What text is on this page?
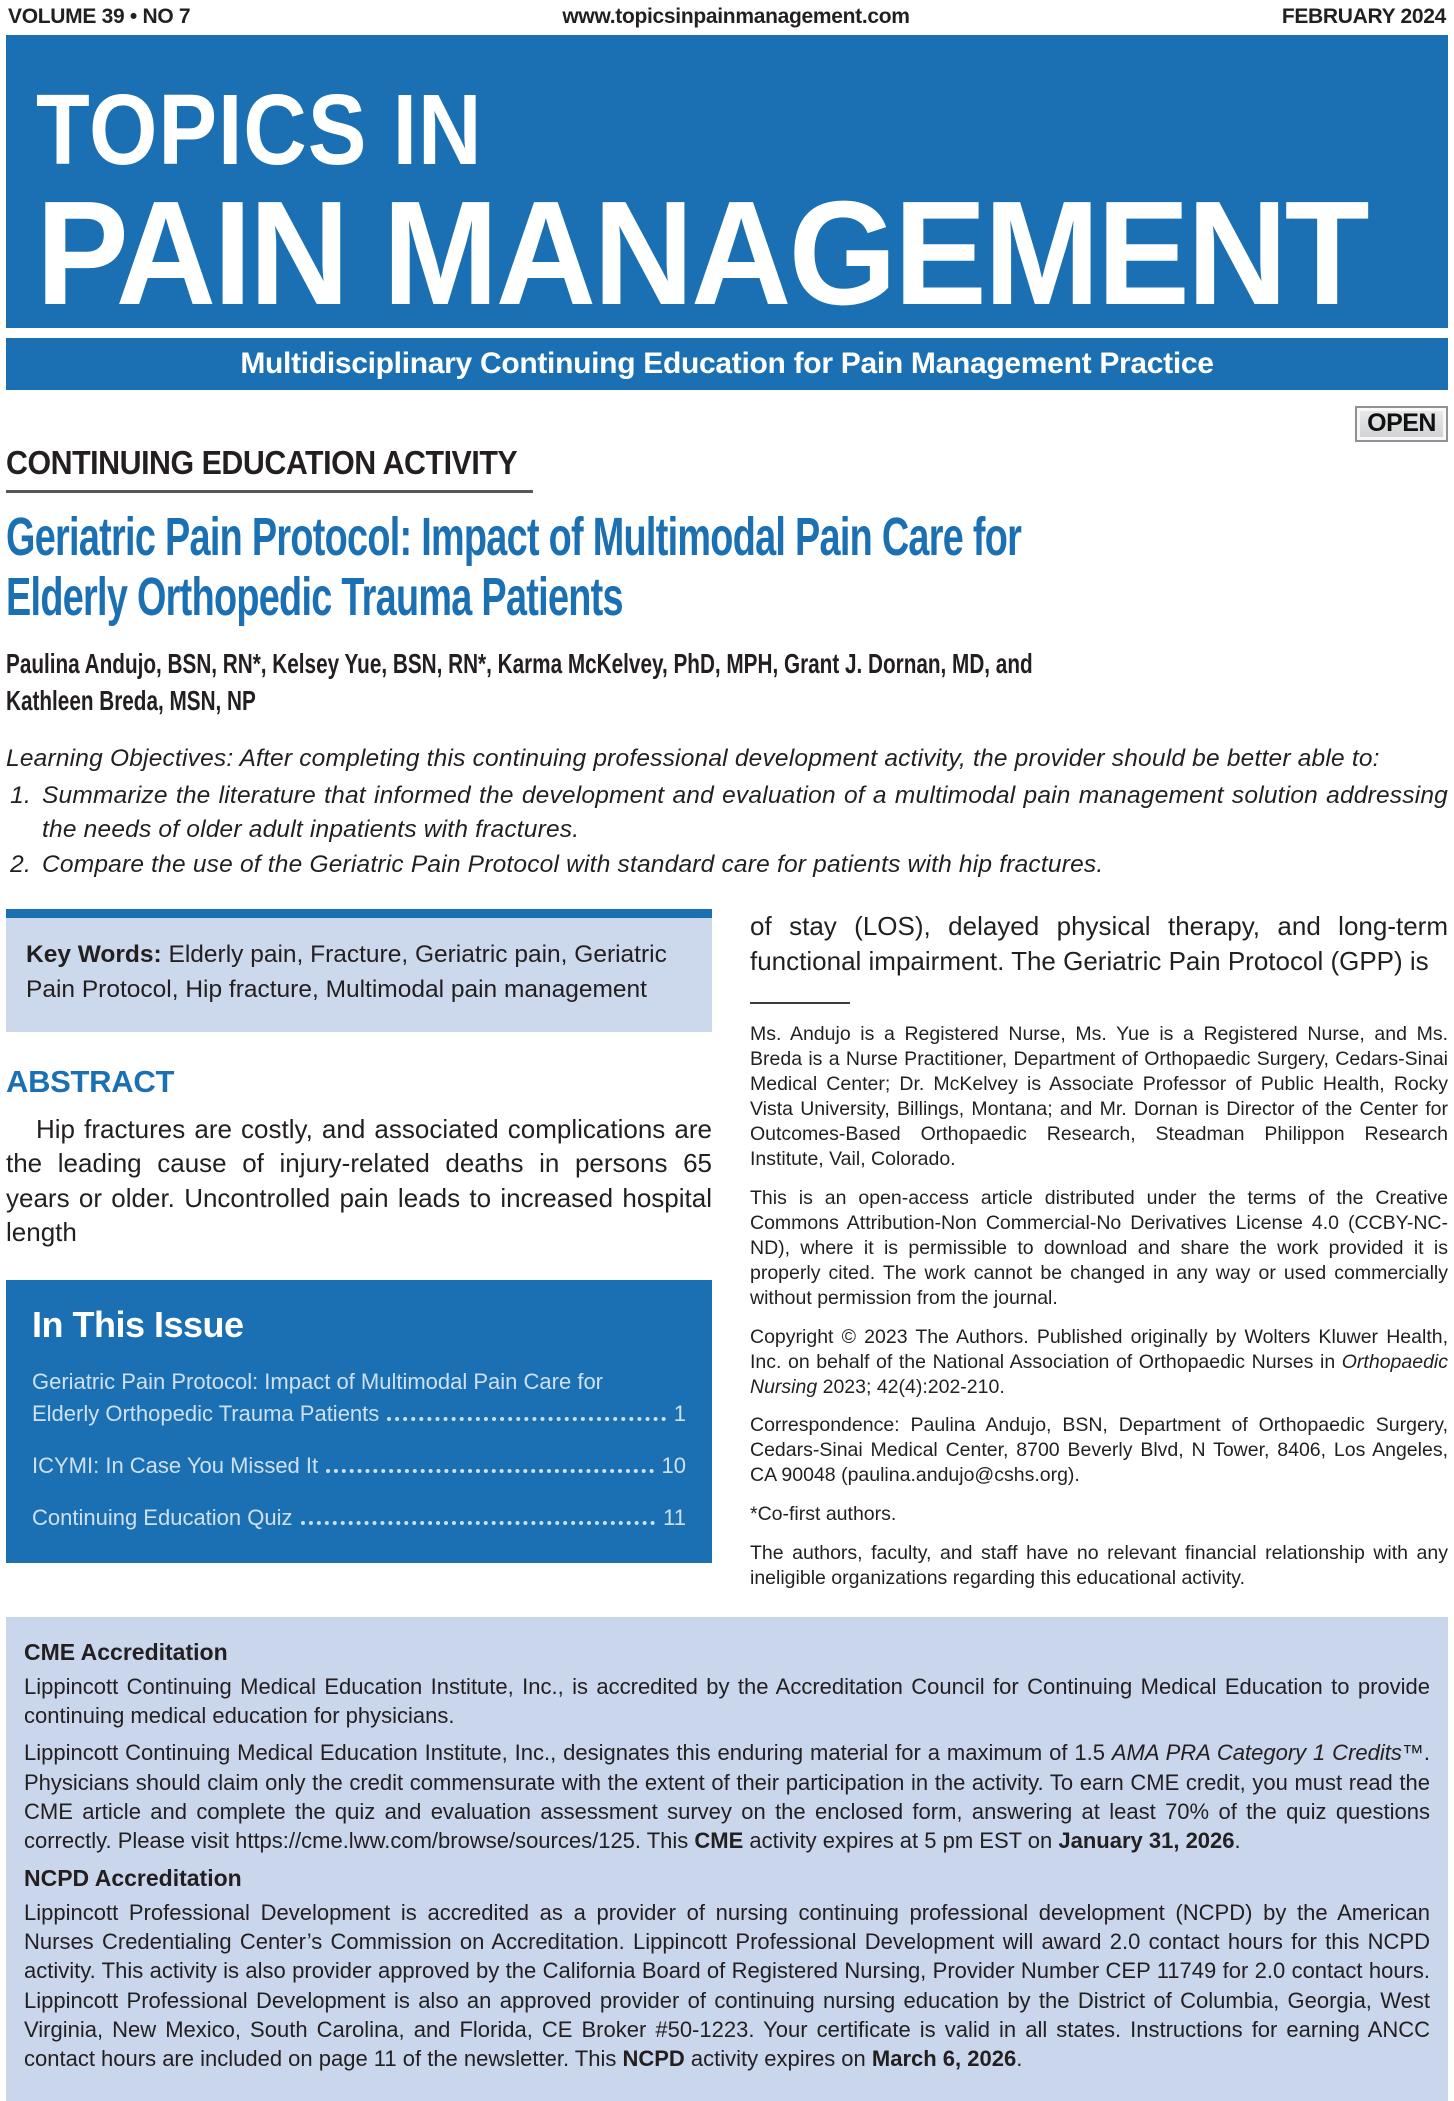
VOLUME 39 • NO 7	www.topicsinpainmanagement.com	FEBRUARY 2024
TOPICS IN
PAIN MANAGEMENT
Multidisciplinary Continuing Education for Pain Management Practice
OPEN
CONTINUING EDUCATION ACTIVITY
Geriatric Pain Protocol: Impact of Multimodal Pain Care for
Elderly Orthopedic Trauma Patients
Paulina Andujo, BSN, RN*, Kelsey Yue, BSN, RN*, Karma McKelvey, PhD, MPH, Grant J. Dornan, MD, and
Kathleen Breda, MSN, NP
Learning Objectives: After completing this continuing professional development activity, the provider should be better able to:
1. Summarize the literature that informed the development and evaluation of a multimodal pain management solution addressing the needs of older adult inpatients with fractures.
2. Compare the use of the Geriatric Pain Protocol with standard care for patients with hip fractures.
Key Words: Elderly pain, Fracture, Geriatric pain, Geriatric Pain Protocol, Hip fracture, Multimodal pain management
ABSTRACT
Hip fractures are costly, and associated complications are the leading cause of injury-related deaths in persons 65 years or older. Uncontrolled pain leads to increased hospital length
In This Issue
Geriatric Pain Protocol: Impact of Multimodal Pain Care for
Elderly Orthopedic Trauma Patients	1
ICYMI: In Case You Missed It	10
Continuing Education Quiz	11
of stay (LOS), delayed physical therapy, and long-term functional impairment. The Geriatric Pain Protocol (GPP) is
Ms. Andujo is a Registered Nurse, Ms. Yue is a Registered Nurse, and Ms. Breda is a Nurse Practitioner, Department of Orthopaedic Surgery, Cedars-Sinai Medical Center; Dr. McKelvey is Associate Professor of Public Health, Rocky Vista University, Billings, Montana; and Mr. Dornan is Director of the Center for Outcomes-Based Orthopaedic Research, Steadman Philippon Research Institute, Vail, Colorado.
This is an open-access article distributed under the terms of the Creative Commons Attribution-Non Commercial-No Derivatives License 4.0 (CCBY-NC-ND), where it is permissible to download and share the work provided it is properly cited. The work cannot be changed in any way or used commercially without permission from the journal.
Copyright © 2023 The Authors. Published originally by Wolters Kluwer Health, Inc. on behalf of the National Association of Orthopaedic Nurses in Orthopaedic Nursing 2023; 42(4):202-210.
Correspondence: Paulina Andujo, BSN, Department of Orthopaedic Surgery, Cedars-Sinai Medical Center, 8700 Beverly Blvd, N Tower, 8406, Los Angeles, CA 90048 (paulina.andujo@cshs.org).
*Co-first authors.
The authors, faculty, and staff have no relevant financial relationship with any ineligible organizations regarding this educational activity.
CME Accreditation

Lippincott Continuing Medical Education Institute, Inc., is accredited by the Accreditation Council for Continuing Medical Education to provide continuing medical education for physicians.

Lippincott Continuing Medical Education Institute, Inc., designates this enduring material for a maximum of 1.5 AMA PRA Category 1 Credits™. Physicians should claim only the credit commensurate with the extent of their participation in the activity. To earn CME credit, you must read the CME article and complete the quiz and evaluation assessment survey on the enclosed form, answering at least 70% of the quiz questions correctly. Please visit https://cme.lww.com/browse/sources/125. This CME activity expires at 5 pm EST on January 31, 2026.

NCPD Accreditation

Lippincott Professional Development is accredited as a provider of nursing continuing professional development (NCPD) by the American Nurses Credentialing Center’s Commission on Accreditation. Lippincott Professional Development will award 2.0 contact hours for this NCPD activity. This activity is also provider approved by the California Board of Registered Nursing, Provider Number CEP 11749 for 2.0 contact hours. Lippincott Professional Development is also an approved provider of continuing nursing education by the District of Columbia, Georgia, West Virginia, New Mexico, South Carolina, and Florida, CE Broker #50-1223. Your certificate is valid in all states. Instructions for earning ANCC contact hours are included on page 11 of the newsletter. This NCPD activity expires on March 6, 2026.
